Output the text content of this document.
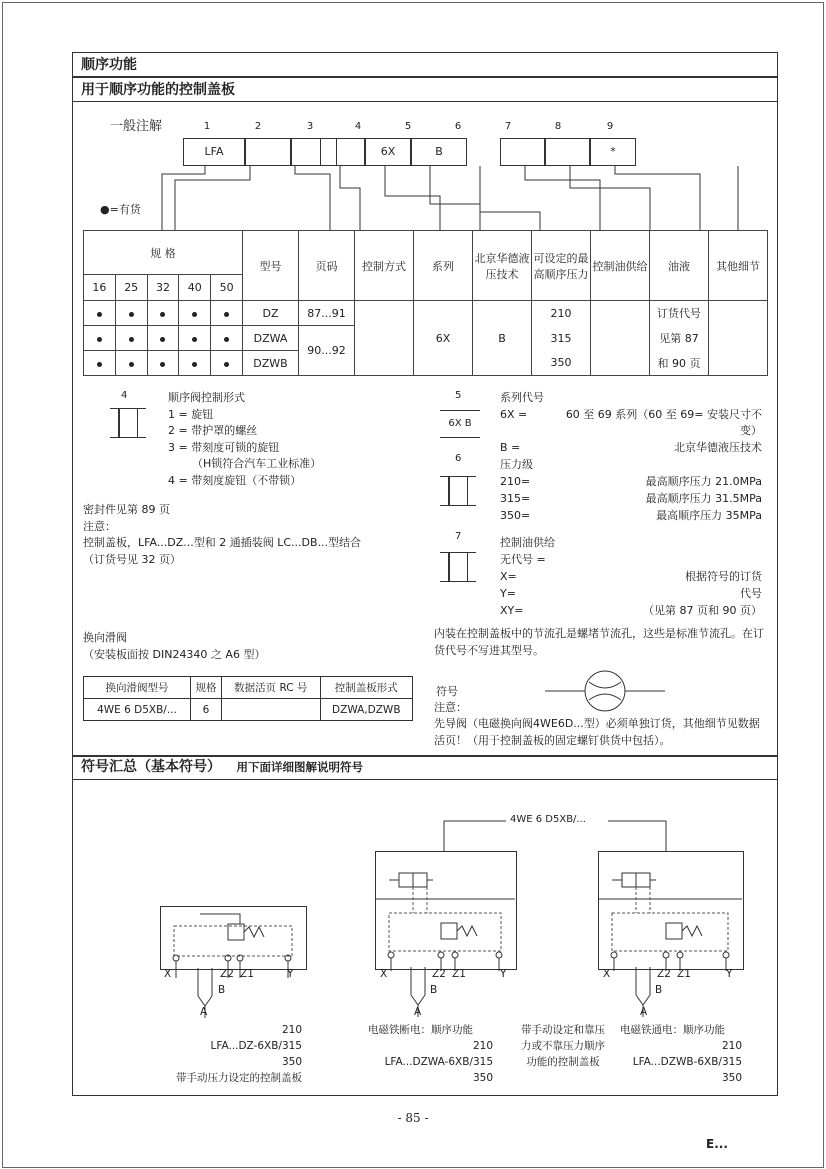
顺序功能
用于顺序功能的控制盖板
一般注解	1	2	3	4	5	6	7	8	9
LFA	6X	B	*
●=有货
规 格					型号	页码	控制方式	系列	北京华德液压技术	可设定的最高顺序压力	控制油供给	油液	其他细节
16	25	32	40	50									
					DZ	87...91		6X	B	210		订货代号	
					DZWA	90...92				315		见第 87	
					DZWB					350		和 90 页	
4	顺序阀控制形式
1 = 旋钮
2 = 带护罩的螺丝
3 = 带刻度可锁的旋钮
（H锁符合汽车工业标准）
4 = 带刻度旋钮（不带锁）
密封件见第 89 页
注意：
控制盖板，LFA...DZ...型和 2 通插装阀 LC...DB...型结合
（订货号见 32 页）
换向滑阀
（安装板面按 DIN24340 之 A6 型）
换向滑阀型号	规格	数据活页 RC 号	控制盖板形式
4WE 6 D5XB/...	6		DZWA,DZWB
5
6X B
系列代号
6X =	60 至 69 系列（60 至 69= 安装尺寸不变）
B =	北京华德液压技术
6	压力级
210=	最高顺序压力 21.0MPa
315=	最高顺序压力 31.5MPa
350=	最高顺序压力 35MPa
7	控制油供给
无代号 =
X=	根据符号的订货
Y=	代号
XY=	（见第 87 页和 90 页）
内装在控制盖板中的节流孔是螺堵节流孔，这些是标准节流孔。在订货代号不写进其型号。
符号
注意：
先导阀（电磁换向阀4WE6D...型）必须单独订货，其他细节见数据活页！（用于控制盖板的固定螺钉供货中包括）。
符号汇总（基本符号） 用下面详细图解说明符号
4WE 6 D5XB/...
X	Z2 Z1	Y
B
A
210
LFA...DZ-6XB/315
350
带手动压力设定的控制盖板
X	Z2 Z1	Y
B
A
电磁铁断电：顺序功能
210
LFA...DZWA-6XB/315
350
带手动设定和靠压力或不靠压力顺序功能的控制盖板
X	Z2 Z1	Y
B
A
电磁铁通电：顺序功能
210
LFA...DZWB-6XB/315
350
- 85 -
E...
